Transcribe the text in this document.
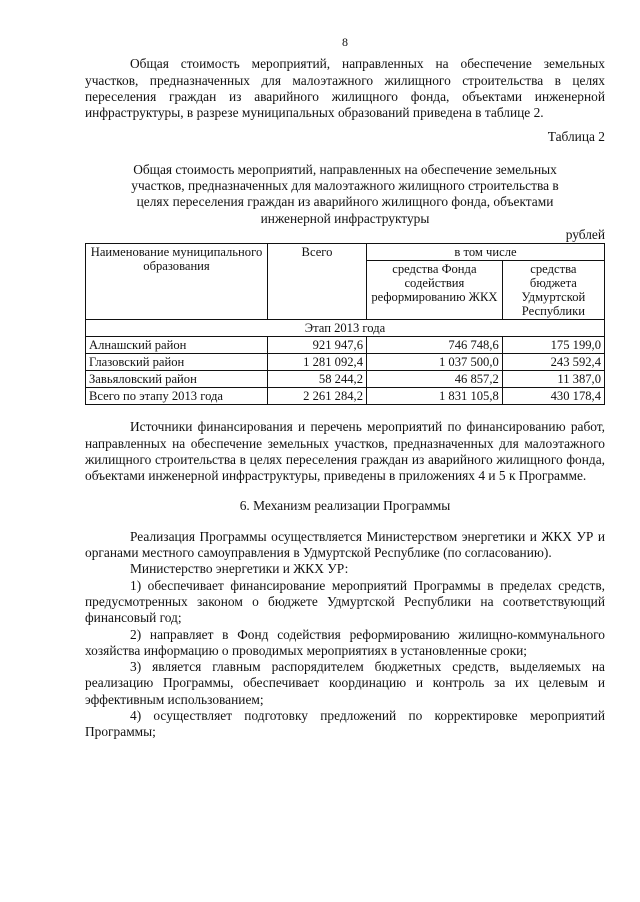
8

Общая стоимость мероприятий, направленных на обеспечение земельных участков, предназначенных для малоэтажного жилищного строительства в целях переселения граждан из аварийного жилищного фонда, объектами инженерной инфраструктуры, в разрезе муниципальных образований приведена в таблице 2.

Таблица 2

Общая стоимость мероприятий, направленных на обеспечение земельных участков, предназначенных для малоэтажного жилищного строительства в целях переселения граждан из аварийного жилищного фонда, объектами инженерной инфраструктуры

рублей

Наименование муниципального образования	Всего	в том числе	
		средства Фонда содействия реформированию ЖКХ	средства бюджета Удмуртской Республики
Этап 2013 года			
Алнашский район	921 947,6	746 748,6	175 199,0
Глазовский район	1 281 092,4	1 037 500,0	243 592,4
Завьяловский район	58 244,2	46 857,2	11 387,0
Всего по этапу 2013 года	2 261 284,2	1 831 105,8	430 178,4

Источники финансирования и перечень мероприятий по финансированию работ, направленных на обеспечение земельных участков, предназначенных для малоэтажного жилищного строительства в целях переселения граждан из аварийного жилищного фонда, объектами инженерной инфраструктуры, приведены в приложениях 4 и 5 к Программе.

6. Механизм реализации Программы

Реализация Программы осуществляется Министерством энергетики и ЖКХ УР и органами местного самоуправления в Удмуртской Республике (по согласованию).

Министерство энергетики и ЖКХ УР:

1) обеспечивает финансирование мероприятий Программы в пределах средств, предусмотренных законом о бюджете Удмуртской Республики на соответствующий финансовый год;

2) направляет в Фонд содействия реформированию жилищно-коммунального хозяйства информацию о проводимых мероприятиях в установленные сроки;

3) является главным распорядителем бюджетных средств, выделяемых на реализацию Программы, обеспечивает координацию и контроль за их целевым и эффективным использованием;

4) осуществляет подготовку предложений по корректировке мероприятий Программы;
